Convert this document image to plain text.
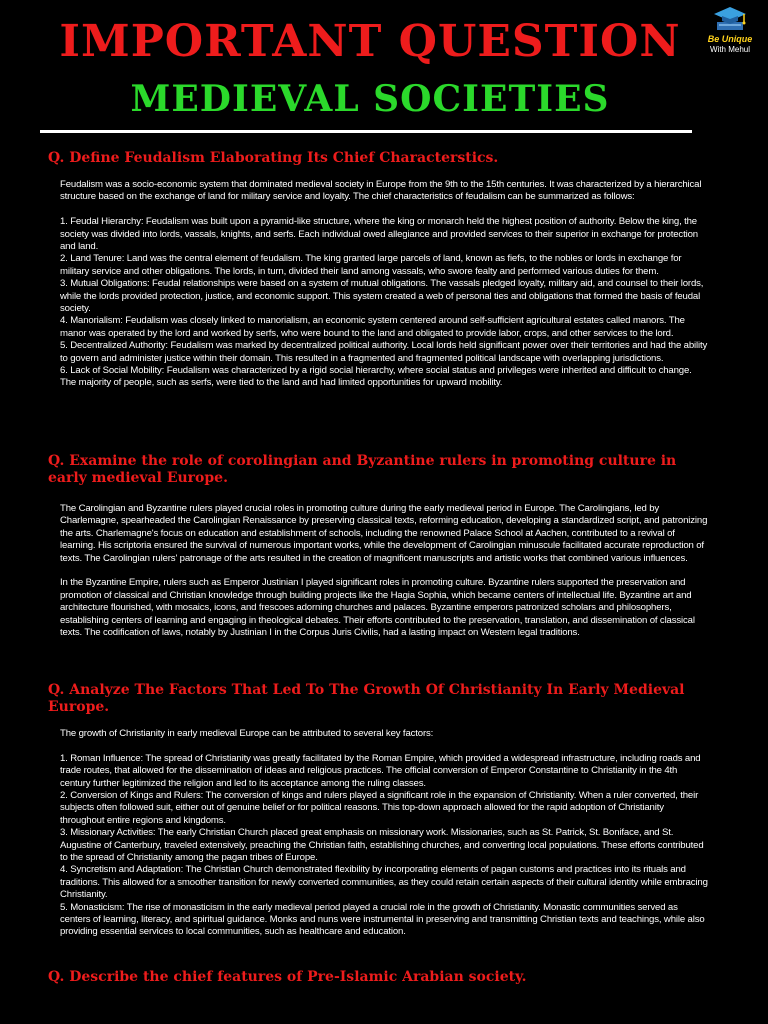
IMPORTANT QUESTION
MEDIEVAL SOCIETIES
Be Unique
With Mehul
Q. Define Feudalism Elaborating Its Chief Characterstics.
Feudalism was a socio-economic system that dominated medieval society in Europe from the 9th to the 15th centuries. It was characterized by a hierarchical structure based on the exchange of land for military service and loyalty. The chief characteristics of feudalism can be summarized as follows:
1. Feudal Hierarchy: Feudalism was built upon a pyramid-like structure, where the king or monarch held the highest position of authority. Below the king, the society was divided into lords, vassals, knights, and serfs. Each individual owed allegiance and provided services to their superior in exchange for protection and land.
2. Land Tenure: Land was the central element of feudalism. The king granted large parcels of land, known as fiefs, to the nobles or lords in exchange for military service and other obligations. The lords, in turn, divided their land among vassals, who swore fealty and performed various duties for them.
3. Mutual Obligations: Feudal relationships were based on a system of mutual obligations. The vassals pledged loyalty, military aid, and counsel to their lords, while the lords provided protection, justice, and economic support. This system created a web of personal ties and obligations that formed the basis of feudal society.
4. Manorialism: Feudalism was closely linked to manorialism, an economic system centered around self-sufficient agricultural estates called manors. The manor was operated by the lord and worked by serfs, who were bound to the land and obligated to provide labor, crops, and other services to the lord.
5. Decentralized Authority: Feudalism was marked by decentralized political authority. Local lords held significant power over their territories and had the ability to govern and administer justice within their domain. This resulted in a fragmented and fragmented political landscape with overlapping jurisdictions.
6. Lack of Social Mobility: Feudalism was characterized by a rigid social hierarchy, where social status and privileges were inherited and difficult to change. The majority of people, such as serfs, were tied to the land and had limited opportunities for upward mobility.
Q. Examine the role of corolingian and Byzantine rulers in promoting culture in early medieval Europe.
The Carolingian and Byzantine rulers played crucial roles in promoting culture during the early medieval period in Europe. The Carolingians, led by Charlemagne, spearheaded the Carolingian Renaissance by preserving classical texts, reforming education, developing a standardized script, and patronizing the arts. Charlemagne's focus on education and establishment of schools, including the renowned Palace School at Aachen, contributed to a revival of learning. His scriptoria ensured the survival of numerous important works, while the development of Carolingian minuscule facilitated accurate reproduction of texts. The Carolingian rulers' patronage of the arts resulted in the creation of magnificent manuscripts and artistic works that combined various influences.
In the Byzantine Empire, rulers such as Emperor Justinian I played significant roles in promoting culture. Byzantine rulers supported the preservation and promotion of classical and Christian knowledge through building projects like the Hagia Sophia, which became centers of intellectual life. Byzantine art and architecture flourished, with mosaics, icons, and frescoes adorning churches and palaces. Byzantine emperors patronized scholars and philosophers, establishing centers of learning and engaging in theological debates. Their efforts contributed to the preservation, translation, and dissemination of classical texts. The codification of laws, notably by Justinian I in the Corpus Juris Civilis, had a lasting impact on Western legal traditions.
Q. Analyze The Factors That Led To The Growth Of Christianity In Early Medieval Europe.
The growth of Christianity in early medieval Europe can be attributed to several key factors:
1. Roman Influence: The spread of Christianity was greatly facilitated by the Roman Empire, which provided a widespread infrastructure, including roads and trade routes, that allowed for the dissemination of ideas and religious practices. The official conversion of Emperor Constantine to Christianity in the 4th century further legitimized the religion and led to its acceptance among the ruling classes.
2. Conversion of Kings and Rulers: The conversion of kings and rulers played a significant role in the expansion of Christianity. When a ruler converted, their subjects often followed suit, either out of genuine belief or for political reasons. This top-down approach allowed for the rapid adoption of Christianity throughout entire regions and kingdoms.
3. Missionary Activities: The early Christian Church placed great emphasis on missionary work. Missionaries, such as St. Patrick, St. Boniface, and St. Augustine of Canterbury, traveled extensively, preaching the Christian faith, establishing churches, and converting local populations. These efforts contributed to the spread of Christianity among the pagan tribes of Europe.
4. Syncretism and Adaptation: The Christian Church demonstrated flexibility by incorporating elements of pagan customs and practices into its rituals and traditions. This allowed for a smoother transition for newly converted communities, as they could retain certain aspects of their cultural identity while embracing Christianity.
5. Monasticism: The rise of monasticism in the early medieval period played a crucial role in the growth of Christianity. Monastic communities served as centers of learning, literacy, and spiritual guidance. Monks and nuns were instrumental in preserving and transmitting Christian texts and teachings, while also providing essential services to local communities, such as healthcare and education.
Q. Describe the chief features of Pre-Islamic Arabian society.
